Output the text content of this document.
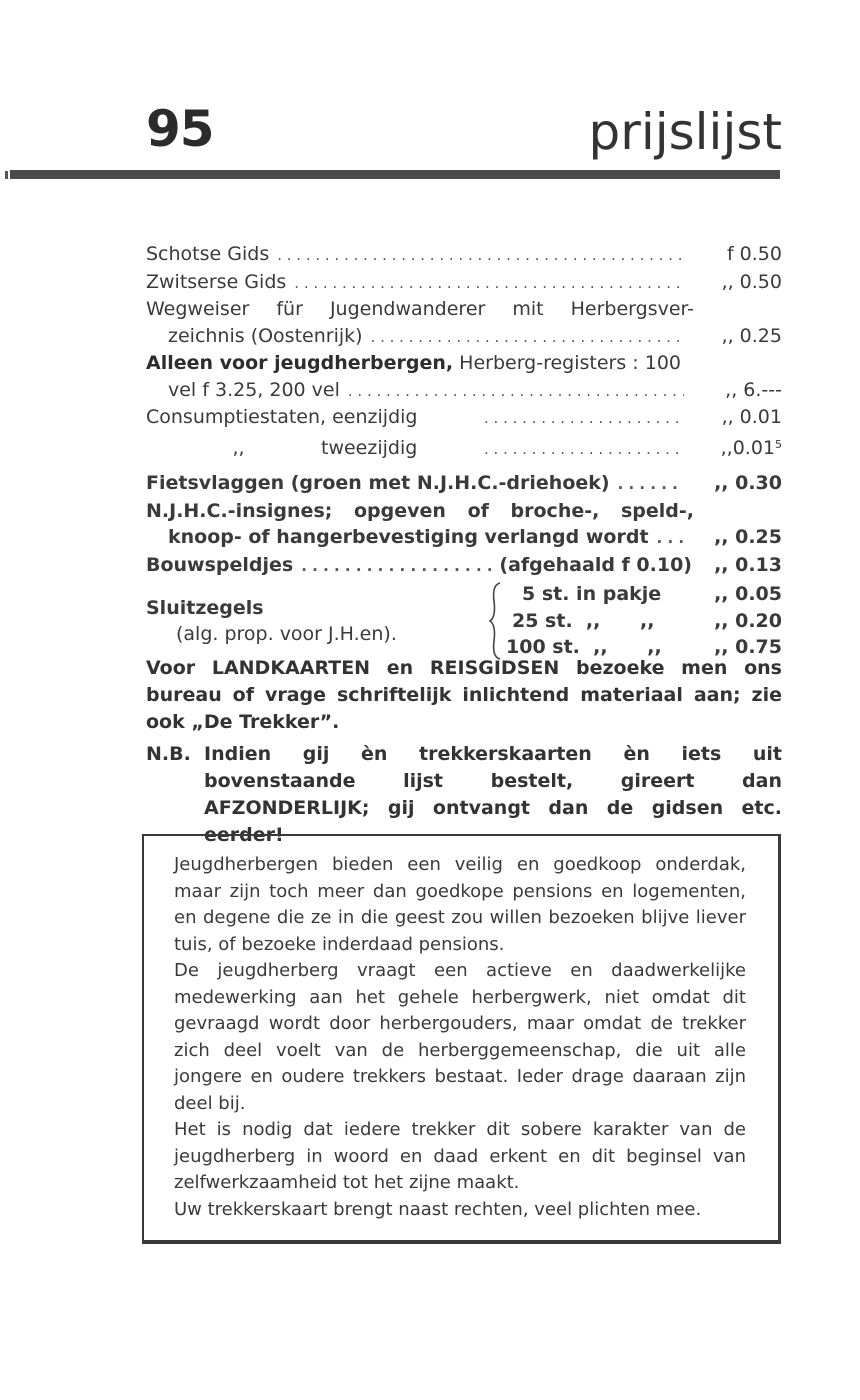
95	prijslijst
Schotse Gids . . .	f 0.50
Zwitserse Gids . . .	,, 0.50
Wegweiser für Jugendwanderer mit Herbergsver-
zeichnis (Oostenrijk) . . .	,, 0.25
Alleen voor jeugdherbergen, Herberg-registers : 100
vel f 3.25, 200 vel . . .	,, 6.---
Consumptiestaten, eenzijdig . . .	,, 0.01
,,	tweezijdig . . .	,,0.01$^5$
Fietsvlaggen (groen met N.J.H.C.-driehoek) . . .	,, 0.30
N.J.H.C.-insignes; opgeven of broche-, speld-,
knoop- of hangerbevestiging verlangd wordt . . .	,, 0.25
Bouwspeldjes . . .	(afgehaald f 0.10)	,, 0.13
Sluitzegels
(alg. prop. voor J.H.en).
5 st. in pakje	,, 0.05
25 st.  ,,      ,,	,, 0.20
100 st.  ,,      ,,	,, 0.75
Voor LANDKAARTEN en REISGIDSEN bezoeke men ons bureau of vrage schriftelijk inlichtend materiaal aan; zie ook „De Trekker”.
N.B. Indien gij èn trekkerskaarten èn iets uit bovenstaande lijst bestelt, gireert dan AFZONDERLIJK; gij ontvangt dan de gidsen etc. eerder!

Jeugdherbergen bieden een veilig en goedkoop onderdak, maar zijn toch meer dan goedkope pensions en logementen, en degene die ze in die geest zou willen bezoeken blijve liever tuis, of bezoeke inderdaad pensions.

De jeugdherberg vraagt een actieve en daadwerkelijke medewerking aan het gehele herbergwerk, niet omdat dit gevraagd wordt door herbergouders, maar omdat de trekker zich deel voelt van de herberggemeenschap, die uit alle jongere en oudere trekkers bestaat. Ieder drage daaraan zijn deel bij.

Het is nodig dat iedere trekker dit sobere karakter van de jeugdherberg in woord en daad erkent en dit beginsel van zelfwerkzaamheid tot het zijne maakt.

Uw trekkerskaart brengt naast rechten, veel plichten mee.
